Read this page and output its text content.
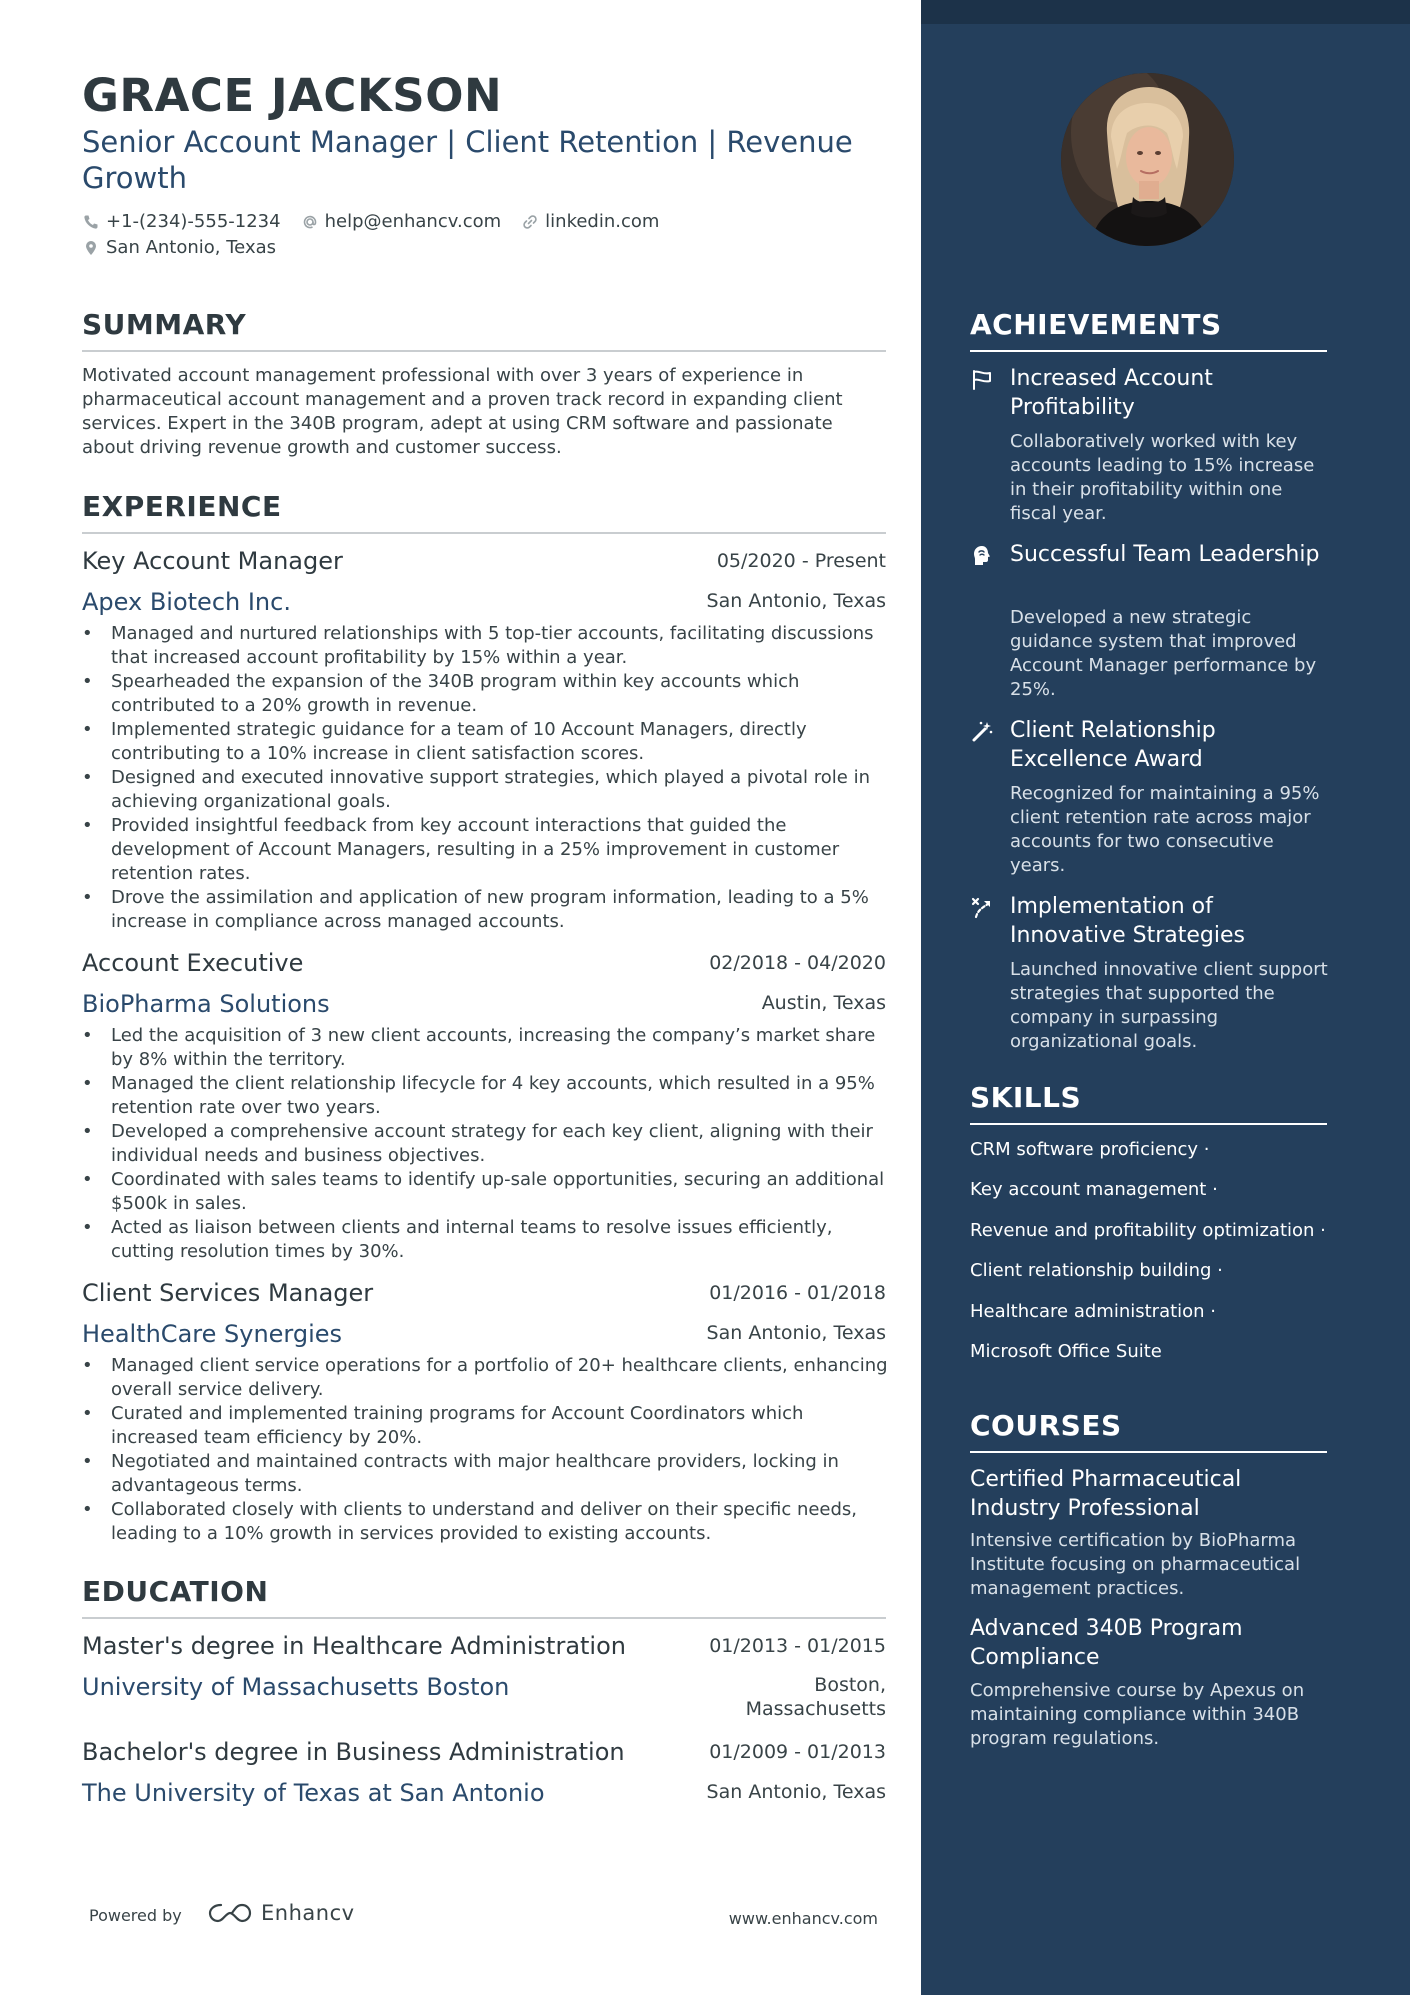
GRACE JACKSON
Senior Account Manager | Client Retention | Revenue Growth
+1-(234)-555-1234 help@enhancv.com linkedin.com
San Antonio, Texas
SUMMARY

Motivated account management professional with over 3 years of experience in pharmaceutical account management and a proven track record in expanding client services. Expert in the 340B program, adept at using CRM software and passionate about driving revenue growth and customer success.

EXPERIENCE
Key Account Manager	05/2020 - Present
Apex Biotech Inc.	San Antonio, Texas
• Managed and nurtured relationships with 5 top-tier accounts, facilitating discussions that increased account profitability by 15% within a year.
• Spearheaded the expansion of the 340B program within key accounts which contributed to a 20% growth in revenue.
• Implemented strategic guidance for a team of 10 Account Managers, directly contributing to a 10% increase in client satisfaction scores.
• Designed and executed innovative support strategies, which played a pivotal role in achieving organizational goals.
• Provided insightful feedback from key account interactions that guided the development of Account Managers, resulting in a 25% improvement in customer retention rates.
• Drove the assimilation and application of new program information, leading to a 5% increase in compliance across managed accounts.
Account Executive	02/2018 - 04/2020
BioPharma Solutions	Austin, Texas
• Led the acquisition of 3 new client accounts, increasing the company’s market share by 8% within the territory.
• Managed the client relationship lifecycle for 4 key accounts, which resulted in a 95% retention rate over two years.
• Developed a comprehensive account strategy for each key client, aligning with their individual needs and business objectives.
• Coordinated with sales teams to identify up-sale opportunities, securing an additional $500k in sales.
• Acted as liaison between clients and internal teams to resolve issues efficiently, cutting resolution times by 30%.
Client Services Manager	01/2016 - 01/2018
HealthCare Synergies	San Antonio, Texas
• Managed client service operations for a portfolio of 20+ healthcare clients, enhancing overall service delivery.
• Curated and implemented training programs for Account Coordinators which increased team efficiency by 20%.
• Negotiated and maintained contracts with major healthcare providers, locking in advantageous terms.
• Collaborated closely with clients to understand and deliver on their specific needs, leading to a 10% growth in services provided to existing accounts.
EDUCATION
Master's degree in Healthcare Administration	01/2013 - 01/2015
University of Massachusetts Boston	Boston, Massachusetts
Bachelor's degree in Business Administration	01/2009 - 01/2013
The University of Texas at San Antonio	San Antonio, Texas
Powered by	Enhancv	www.enhancv.com
ACHIEVEMENTS
Increased Account Profitability
Collaboratively worked with key accounts leading to 15% increase in their profitability within one fiscal year.
Successful Team Leadership
Developed a new strategic guidance system that improved Account Manager performance by 25%.
Client Relationship Excellence Award
Recognized for maintaining a 95% client retention rate across major accounts for two consecutive years.
Implementation of Innovative Strategies
Launched innovative client support strategies that supported the company in surpassing organizational goals.
SKILLS
CRM software proficiency ·
Key account management ·
Revenue and profitability optimization ·
Client relationship building ·
Healthcare administration ·
Microsoft Office Suite
COURSES
Certified Pharmaceutical Industry Professional
Intensive certification by BioPharma Institute focusing on pharmaceutical management practices.
Advanced 340B Program Compliance
Comprehensive course by Apexus on maintaining compliance within 340B program regulations.
